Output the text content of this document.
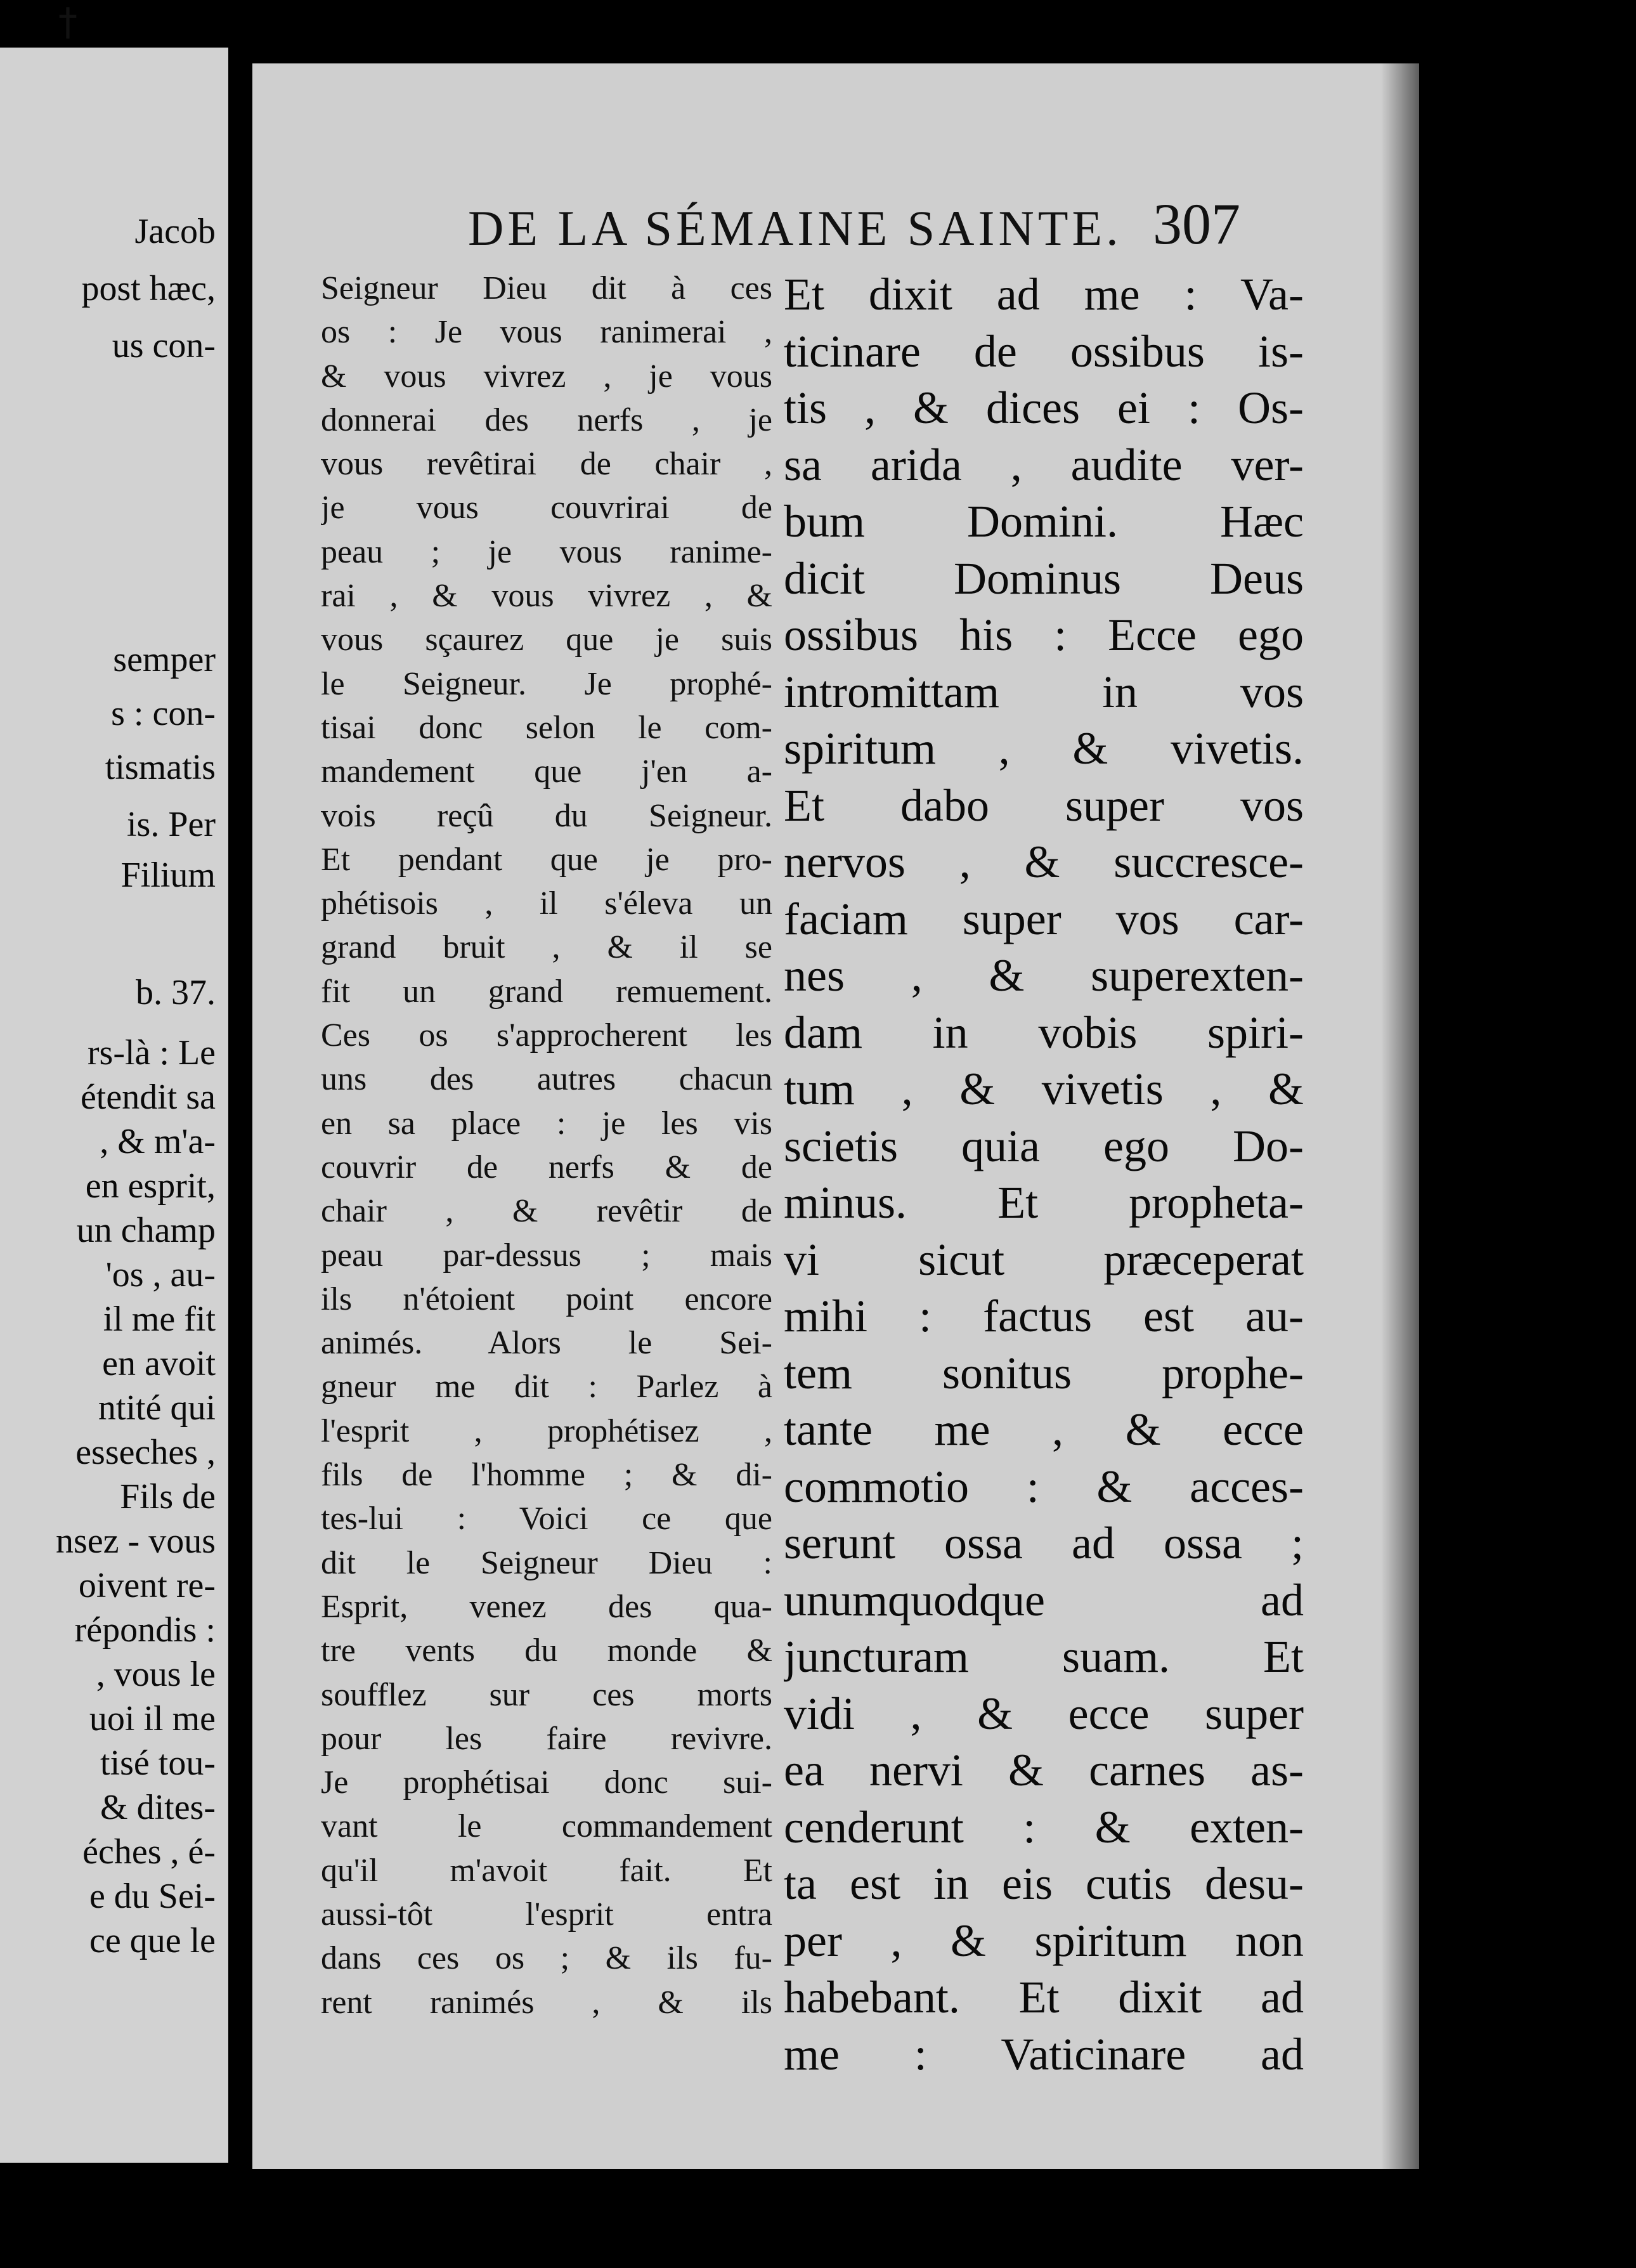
Jacob
post hæc,
us con-
semper
s : con-
tismatis
is. Per
Filium
b. 37.
rs-là : Le
étendit sa
, & m'a-
en esprit,
un champ
'os , au-
il me fit
en avoit
ntité qui
esseches ,
Fils de
nsez - vous
oivent re-
répondis :
, vous le
uoi il me
tisé tou-
& dites-
éches , é-
e du Sei-
ce que le
DE LA SÉMAINE SAINTE. 307
Seigneur Dieu dit à ces
os : Je vous ranimerai ,
& vous vivrez , je vous
donnerai des nerfs , je
vous revêtirai de chair ,
je vous couvrirai de
peau ; je vous ranime-
rai , & vous vivrez , &
vous sçaurez que je suis
le Seigneur. Je prophé-
tisai donc selon le com-
mandement que j'en a-
vois reçû du Seigneur.
Et pendant que je pro-
phétisois , il s'éleva un
grand bruit , & il se
fit un grand remuement.
Ces os s'approcherent les
uns des autres chacun
en sa place : je les vis
couvrir de nerfs & de
chair , & revêtir de
peau par-dessus ; mais
ils n'étoient point encore
animés. Alors le Sei-
gneur me dit : Parlez à
l'esprit , prophétisez ,
fils de l'homme ; & di-
tes-lui : Voici ce que
dit le Seigneur Dieu :
Esprit, venez des qua-
tre vents du monde &
soufflez sur ces morts
pour les faire revivre.
Je prophétisai donc sui-
vant le commandement
qu'il m'avoit fait. Et
aussi-tôt l'esprit entra
dans ces os ; & ils fu-
rent ranimés , & ils
Et dixit ad me : Va-
ticinare de ossibus is-
tis , & dices ei : Os-
sa arida , audite ver-
bum Domini. Hæc
dicit Dominus Deus
ossibus his : Ecce ego
intromittam in vos
spiritum , & vivetis.
Et dabo super vos
nervos , & succresce-
faciam super vos car-
nes , & superexten-
dam in vobis spiri-
tum , & vivetis , &
scietis quia ego Do-
minus. Et propheta-
vi sicut præceperat
mihi : factus est au-
tem sonitus prophe-
tante me , & ecce
commotio : & acces-
serunt ossa ad ossa ;
unumquodque ad
juncturam suam. Et
vidi , & ecce super
ea nervi & carnes as-
cenderunt : & exten-
ta est in eis cutis desu-
per , & spiritum non
habebant. Et dixit ad
me : Vaticinare ad
†
